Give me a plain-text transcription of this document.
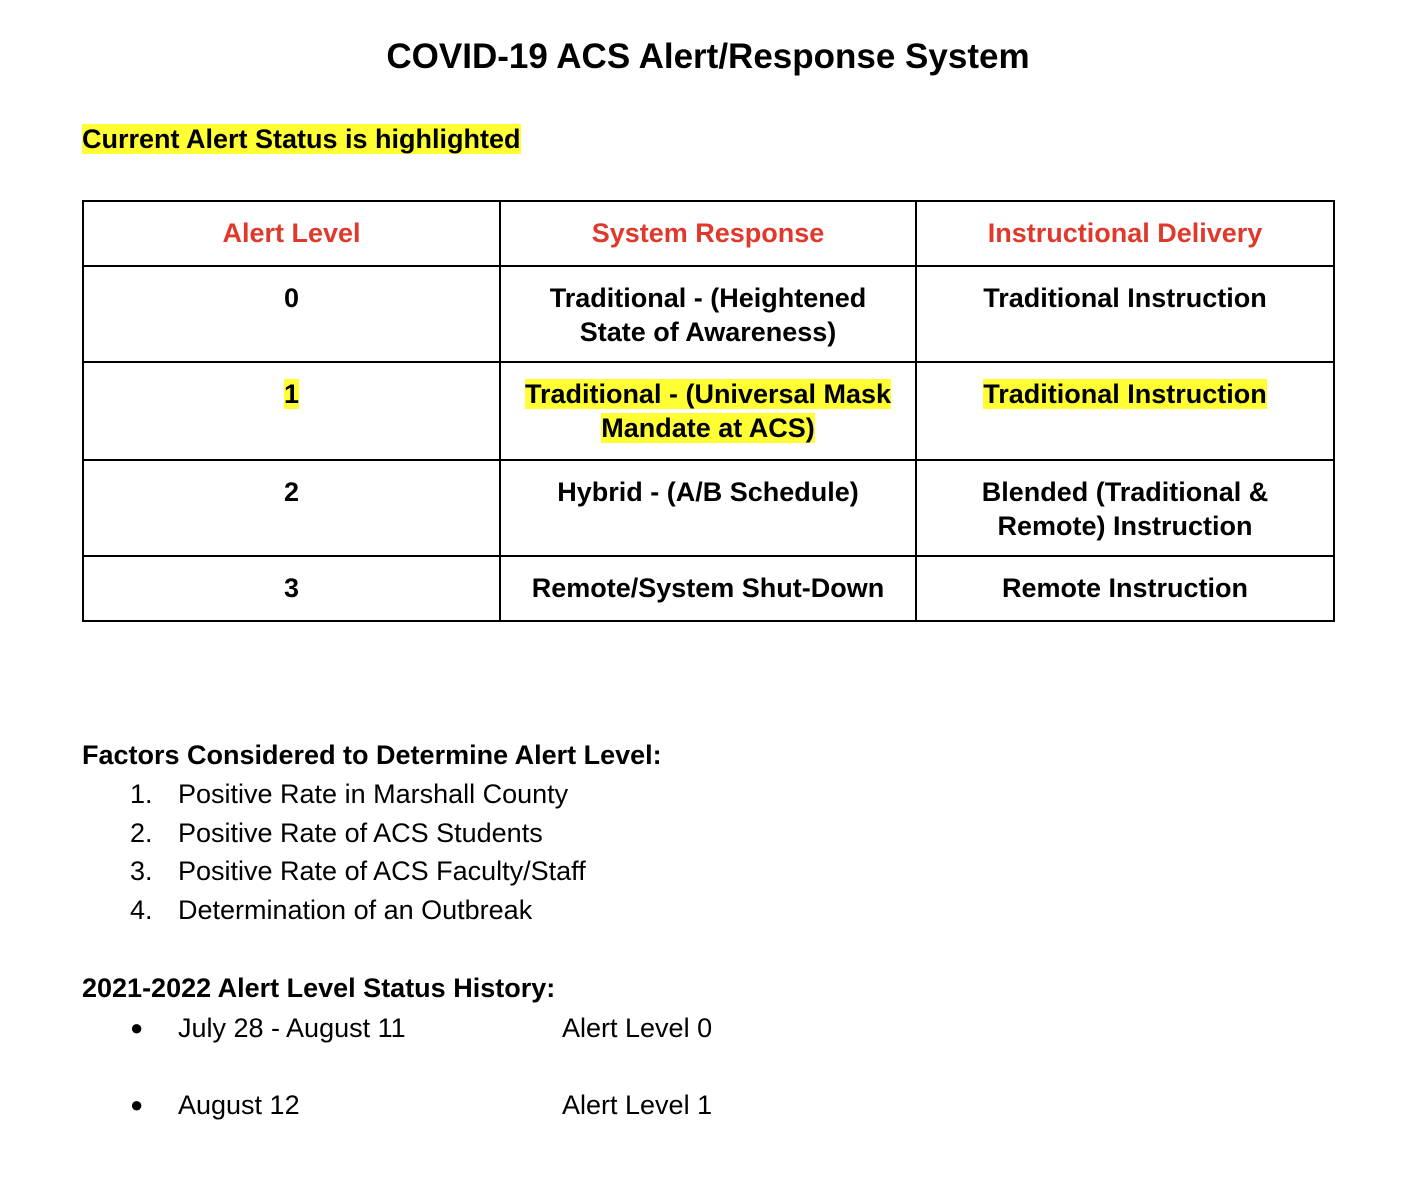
COVID-19 ACS Alert/Response System
Current Alert Status is highlighted
Alert Level	System Response	Instructional Delivery
0	Traditional - (Heightened State of Awareness)	Traditional Instruction
1	Traditional - (Universal Mask Mandate at ACS)	Traditional Instruction
2	Hybrid - (A/B Schedule)	Blended (Traditional & Remote) Instruction
3	Remote/System Shut-Down	Remote Instruction
Factors Considered to Determine Alert Level:
1. Positive Rate in Marshall County
2. Positive Rate of ACS Students
3. Positive Rate of ACS Faculty/Staff
4. Determination of an Outbreak
2021-2022 Alert Level Status History:
● July 28 - August 11	Alert Level 0
● August 12	Alert Level 1
